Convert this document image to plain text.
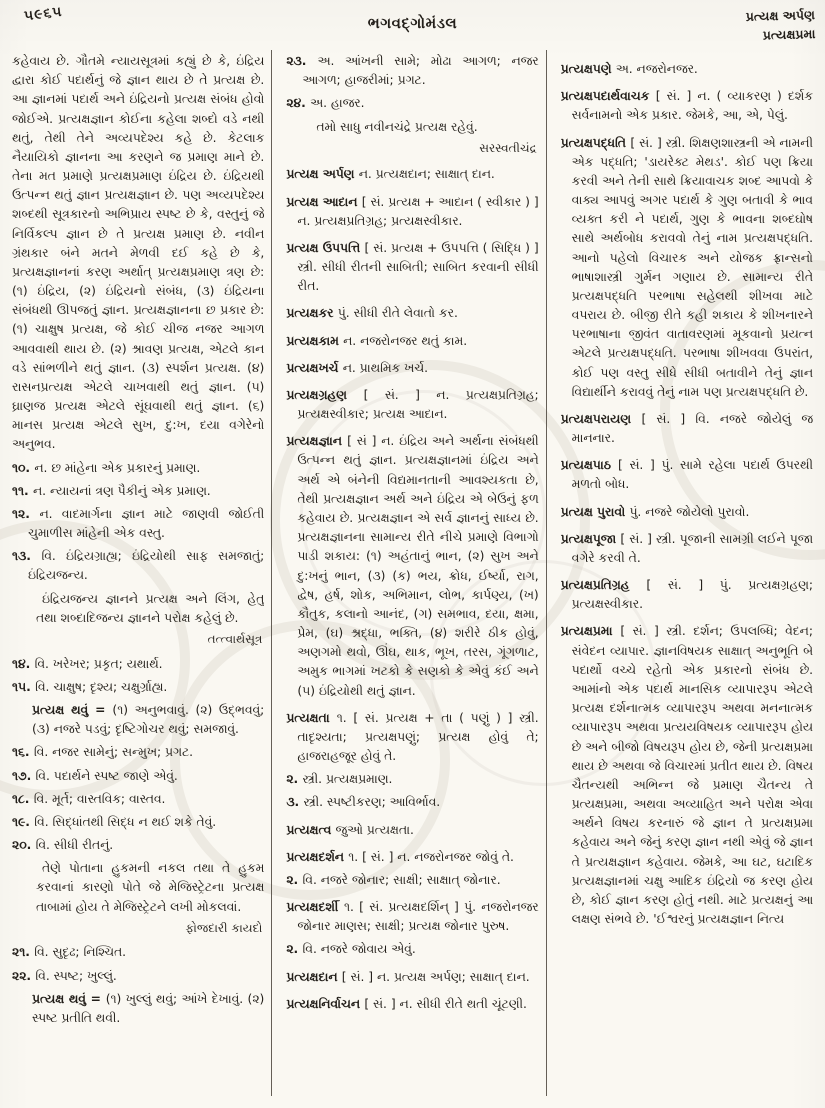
૫૯૬૫	ભગવદ્ગોમંડલ	પ્રત્યક્ષ અર્પણ
પ્રત્યક્ષપ્રમા

કહેવાય છે. ગૌતમે ન્યાયસૂત્રમાં કહ્યું છે કે, ઇંદ્રિય દ્વારા કોઈ પદાર્થનું જે જ્ઞાન થાય છે તે પ્રત્યક્ષ છે. આ જ્ઞાનમાં પદાર્થ અને ઇંદ્રિયનો પ્રત્યક્ષ સંબંધ હોવો જોઈએ. પ્રત્યક્ષજ્ઞાન કોઈના કહેલા શબ્દો વડે નથી થતું, તેથી તેને અવ્યપદેશ્ય કહે છે. કેટલાક નૈયાયિકો જ્ઞાનના આ કરણને જ પ્રમાણ માને છે. તેના મત પ્રમાણે પ્રત્યક્ષપ્રમાણ ઇંદ્રિય છે. ઇંદ્રિયથી ઉત્પન્ન થતું જ્ઞાન પ્રત્યક્ષજ્ઞાન છે. પણ અવ્યપદેશ્ય શબ્દથી સૂત્રકારનો અભિપ્રાય સ્પષ્ટ છે કે, વસ્તુનું જે નિર્વિકલ્પ જ્ઞાન છે તે પ્રત્યક્ષ પ્રમાણ છે. નવીન ગ્રંથકાર બંને મતને મેળવી દઈ કહે છે કે, પ્રત્યક્ષજ્ઞાનનાં કરણ અર્થાત્ પ્રત્યક્ષપ્રમાણ ત્રણ છે: (૧) ઇંદ્રિય, (૨) ઇંદ્રિયનો સંબંધ, (૩) ઇંદ્રિયના સંબંધથી ઊપજતું જ્ઞાન. પ્રત્યક્ષજ્ઞાનના છ પ્રકાર છે: (૧) ચાક્ષુષ પ્રત્યક્ષ, જે કોઈ ચીજ નજર આગળ આવવાથી થાય છે. (૨) શ્રાવણ પ્રત્યક્ષ, એટલે કાન વડે સાંભળીને થતું જ્ઞાન. (૩) સ્પર્શન પ્રત્યક્ષ. (૪) રાસનપ્રત્યક્ષ એટલે ચાખવાથી થતું જ્ઞાન. (૫) ઘ્રાણજ પ્રત્યક્ષ એટલે સૂંઘવાથી થતું જ્ઞાન. (૬) માનસ પ્રત્યક્ષ એટલે સુખ, દુ:ખ, દયા વગેરેનો અનુભવ.

૧૦. ન. છ માંહેના એક પ્રકારનું પ્રમાણ.

૧૧. ન. ન્યાયનાં ત્રણ પૈકીનું એક પ્રમાણ.

૧૨. ન. વાદમાર્ગના જ્ઞાન માટે જાણવી જોઈતી ચુમાળીસ માંહેની એક વસ્તુ.

૧૩. વિ. ઇંદ્રિયગ્રાહ્ય; ઇંદ્રિયોથી સાફ સમજાતું; ઇંદ્રિયજન્ય.

ઇંદ્રિયજન્ય જ્ઞાનને પ્રત્યક્ષ અને લિંગ, હેતુ તથા શબ્દાદિજન્ય જ્ઞાનને પરોક્ષ કહેલું છે.

તત્ત્વાર્થસૂત્ર

૧૪. વિ. ખરેખર; પ્રકૃત; યથાર્થ.

૧૫. વિ. ચાક્ષુષ; દૃશ્ય; ચક્ષુર્ગ્રાહ્ય.

પ્રત્યક્ષ થવું = (૧) અનુભવાવું. (૨) ઉદ્ભવવું; (૩) નજરે પડવું; દૃષ્ટિગોચર થવું; સમજાવું.

૧૬. વિ. નજર સામેનું; સન્મુખ; પ્રગટ.

૧૭. વિ. પદાર્થને સ્પષ્ટ જાણે એવું.

૧૮. વિ. મૂર્ત; વાસ્તવિક; વાસ્તવ.

૧૯. વિ. સિદ્ધાંતથી સિદ્ધ ન થઈ શકે તેવું.

૨૦. વિ. સીધી રીતનું.

તેણે પોતાના હુકમની નકલ તથા તે હુકમ કરવાનાં કારણો પોતે જે મેજિસ્ટ્રેટના પ્રત્યક્ષ તાબામાં હોય તે મેજિસ્ટ્રેટને લખી મોકલવાં.

ફોજદારી કાયદો

૨૧. વિ. સુદૃઢ; નિશ્ચિત.

૨૨. વિ. સ્પષ્ટ; ખુલ્લું.

પ્રત્યક્ષ થવું = (૧) ખુલ્લું થવું; આંખે દેખાવું. (૨) સ્પષ્ટ પ્રતીતિ થવી.

૨૩. અ. આંખની સામે; મોઢા આગળ; નજર આગળ; હાજરીમાં; પ્રગટ.

૨૪. અ. હાજર.

તમો સાધુ નવીનચંદ્રે પ્રત્યક્ષ રહેવું.

સરસ્વતીચંદ્ર

પ્રત્યક્ષ અર્પણ ન. પ્રત્યક્ષદાન; સાક્ષાત્ દાન.

પ્રત્યક્ષ આદાન [ સં. પ્રત્યક્ષ + આદાન ( સ્વીકાર ) ] ન. પ્રત્યક્ષપ્રતિગ્રહ; પ્રત્યક્ષસ્વીકાર.

પ્રત્યક્ષ ઉપપત્તિ [ સં. પ્રત્યક્ષ + ઉપપત્તિ ( સિદ્ધિ ) ] સ્ત્રી. સીધી રીતની સાબિતી; સાબિત કરવાની સીધી રીત.

પ્રત્યક્ષકર પું. સીધી રીતે લેવાતો કર.

પ્રત્યક્ષકામ ન. નજરોનજર થતું કામ.

પ્રત્યક્ષખર્ચ ન. પ્રાથમિક ખર્ચ.

પ્રત્યક્ષગ્રહણ [ સં. ] ન. પ્રત્યક્ષપ્રતિગ્રહ; પ્રત્યક્ષસ્વીકાર; પ્રત્યક્ષ આદાન.

પ્રત્યક્ષજ્ઞાન [ સં ] ન. ઇંદ્રિય અને અર્થના સંબંધથી ઉત્પન્ન થતું જ્ઞાન. પ્રત્યક્ષજ્ઞાનમાં ઇંદ્રિય અને અર્થ એ બંનેની વિદ્યમાનતાની આવશ્યકતા છે, તેથી પ્રત્યક્ષજ્ઞાન અર્થ અને ઇંદ્રિય એ બેઉનું ફળ કહેવાય છે. પ્રત્યક્ષજ્ઞાન એ સર્વ જ્ઞાનનું સાધ્ય છે. પ્રત્યક્ષજ્ઞાનના સામાન્ય રીતે નીચે પ્રમાણે વિભાગો પાડી શકાય: (૧) અહંતાનું ભાન, (૨) સુખ અને દુ:ખનું ભાન, (૩) (ક) ભય, ક્રોધ, ઈર્ષ્યા, રાગ, દ્વેષ, હર્ષ, શોક, અભિમાન, લોભ, કાર્પણ્ય, (ખ) કૌતુક, કલાનો આનંદ, (ગ) સમભાવ, દયા, ક્ષમા, પ્રેમ, (ઘ) શ્રદ્ધા, ભક્તિ, (૪) શરીરે ઠીક હોવું, અણગમો થવો, ઊંઘ, થાક, ભૂખ, તરસ, ગૂંગળાટ, અમુક ભાગમાં ખટકો કે સણકો કે એવું કંઈ અને (૫) ઇંદ્રિયોથી થતું જ્ઞાન.

પ્રત્યક્ષતા ૧. [ સં. પ્રત્યક્ષ + તા ( પણું ) ] સ્ત્રી. તાદૃશ્યતા; પ્રત્યક્ષપણું; પ્રત્યક્ષ હોવું તે; હાજરાહજૂર હોવું તે.

૨. સ્ત્રી. પ્રત્યક્ષપ્રમાણ.

૩. સ્ત્રી. સ્પષ્ટીકરણ; આવિર્ભાવ.

પ્રત્યક્ષત્વ જુઓ પ્રત્યક્ષતા.

પ્રત્યક્ષદર્શન ૧. [ સં. ] ન. નજરોનજર જોવું તે.

૨. વિ. નજરે જોનાર; સાક્ષી; સાક્ષાત્ જોનાર.

પ્રત્યક્ષદર્શી ૧. [ સં. પ્રત્યક્ષદર્શિન્ ] પું. નજરોનજર જોનાર માણસ; સાક્ષી; પ્રત્યક્ષ જોનાર પુરુષ.

૨. વિ. નજરે જોવાય એવું.

પ્રત્યક્ષદાન [ સં. ] ન. પ્રત્યક્ષ અર્પણ; સાક્ષાત્ દાન.

પ્રત્યક્ષનિર્વાચન [ સં. ] ન. સીધી રીતે થતી ચૂંટણી.

પ્રત્યક્ષપણે અ. નજરોનજર.

પ્રત્યક્ષપદાર્થવાચક [ સં. ] ન. ( વ્યાકરણ ) દર્શક સર્વનામનો એક પ્રકાર. જેમકે, આ, એ, પેલું.

પ્રત્યક્ષપદ્ધતિ [ સં. ] સ્ત્રી. શિક્ષણશાસ્ત્રની એ નામની એક પદ્ધતિ; 'ડાયરેક્ટ મેથડ'. કોઈ પણ ક્રિયા કરવી અને તેની સાથે ક્રિયાવાચક શબ્દ આપવો કે વાક્ય આપવું અગર પદાર્થ કે ગુણ બતાવી કે ભાવ વ્યક્ત કરી ને પદાર્થ, ગુણ કે ભાવના શબ્દઘોષ સાથે અર્થબોધ કરાવવો તેનું નામ પ્રત્યક્ષપદ્ધતિ. આનો પહેલો વિચારક અને યોજક ફ્રાન્સનો ભાષાશાસ્ત્રી ગુર્મન ગણાય છે. સામાન્ય રીતે પ્રત્યક્ષપદ્ધતિ પરભાષા સહેલથી શીખવા માટે વપરાય છે. બીજી રીતે કહી શકાય કે શીખનારને પરભાષાના જીવંત વાતાવરણમાં મૂકવાનો પ્રયત્ન એટલે પ્રત્યક્ષપદ્ધતિ. પરભાષા શીખવવા ઉપરાંત, કોઈ પણ વસ્તુ સીધે સીધી બતાવીને તેનું જ્ઞાન વિદ્યાર્થીને કરાવવું તેનું નામ પણ પ્રત્યક્ષપદ્ધતિ છે.

પ્રત્યક્ષપરાયણ [ સં. ] વિ. નજરે જોયેલું જ માનનાર.

પ્રત્યક્ષપાઠ [ સં. ] પું. સામે રહેલા પદાર્થ ઉપરથી મળતો બોધ.

પ્રત્યક્ષ પુરાવો પું. નજરે જોયેલો પુરાવો.

પ્રત્યક્ષપૂજા [ સં. ] સ્ત્રી. પૂજાની સામગ્રી લઈને પૂજા વગેરે કરવી તે.

પ્રત્યક્ષપ્રતિગ્રહ [ સં. ] પું. પ્રત્યક્ષગ્રહણ; પ્રત્યક્ષસ્વીકાર.

પ્રત્યક્ષપ્રમા [ સં. ] સ્ત્રી. દર્શન; ઉપલબ્ધિ; વેદન; સંવેદન વ્યાપાર. જ્ઞાનવિષયક સાક્ષાત્ અનુભૂતિ બે પદાર્થો વચ્ચે રહેતો એક પ્રકારનો સંબંધ છે. આમાંનો એક પદાર્થ માનસિક વ્યાપારરૂપ એટલે પ્રત્યક્ષ દર્શનાત્મક વ્યાપારરૂપ અથવા મનનાત્મક વ્યાપારરૂપ અથવા પ્રત્યયવિષયક વ્યાપારરૂપ હોય છે અને બીજો વિષયરૂપ હોય છે, જેની પ્રત્યક્ષપ્રમા થાય છે અથવા જે વિચારમાં પ્રતીત થાય છે. વિષય ચૈતન્યથી અભિન્ન જે પ્રમાણ ચૈતન્ય તે પ્રત્યક્ષપ્રમા, અથવા અવ્યાહિત અને પરોક્ષ એવા અર્થને વિષય કરનારું જે જ્ઞાન તે પ્રત્યક્ષપ્રમા કહેવાય અને જેનું કરણ જ્ઞાન નથી એવું જે જ્ઞાન તે પ્રત્યક્ષજ્ઞાન કહેવાય. જેમકે, આ ઘટ, ઘટાદિક પ્રત્યક્ષજ્ઞાનમાં ચક્ષુ આદિક ઇંદ્રિયો જ કરણ હોય છે, કોઈ જ્ઞાન કરણ હોતું નથી. માટે પ્રત્યક્ષનું આ લક્ષણ સંભવે છે. 'ઈશ્વરનું પ્રત્યક્ષજ્ઞાન નિત્ય
